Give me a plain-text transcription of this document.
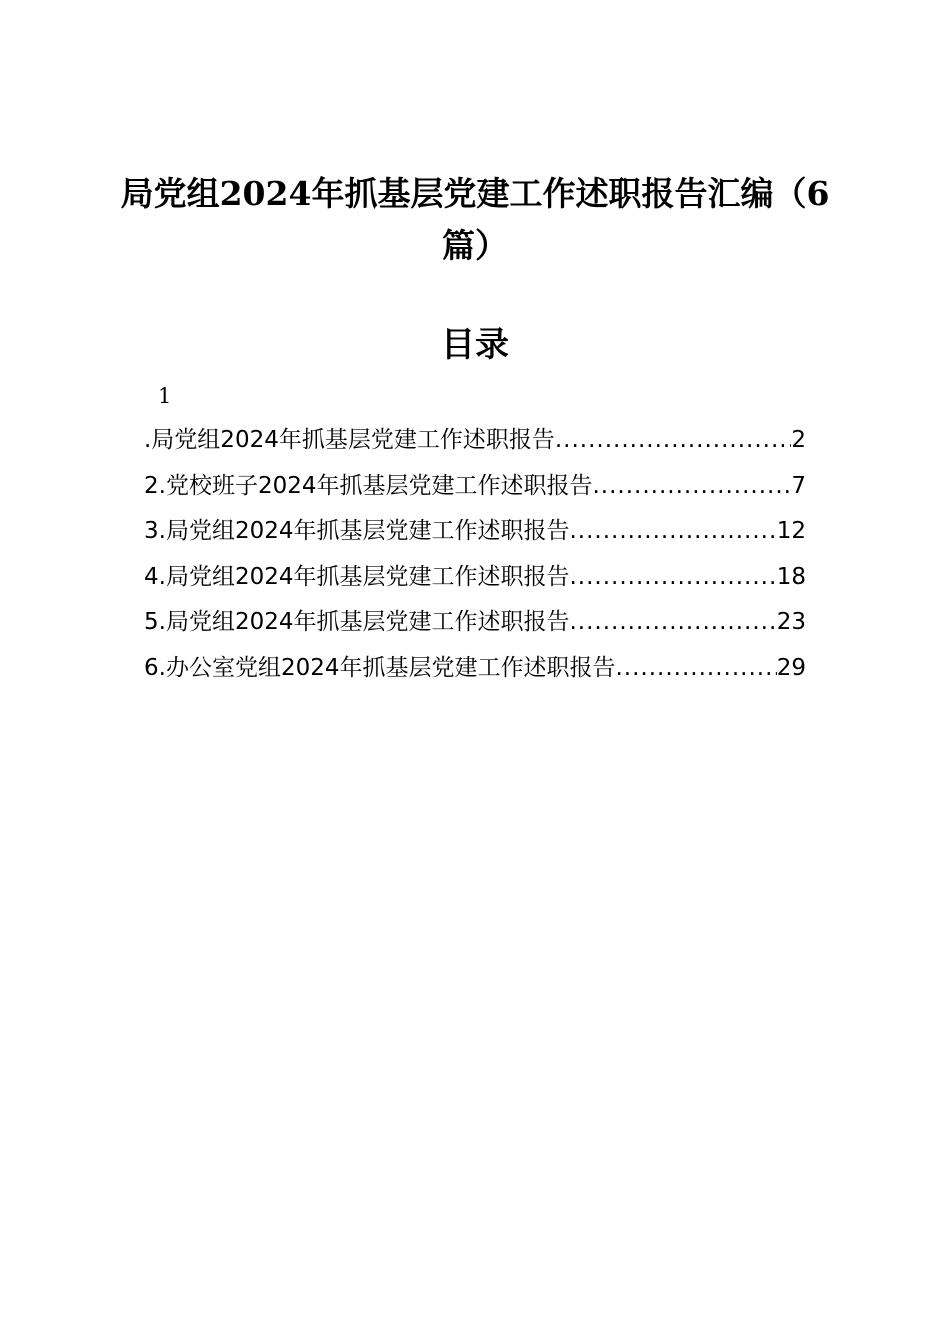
局党组2024年抓基层党建工作述职报告汇编（6篇）
目录
1
.局党组2024年抓基层党建工作述职报告 .....	2
2.党校班子2024年抓基层党建工作述职报告 .....	7
3.局党组2024年抓基层党建工作述职报告 .....	12
4.局党组2024年抓基层党建工作述职报告 .....	18
5.局党组2024年抓基层党建工作述职报告 .....	23
6.办公室党组2024年抓基层党建工作述职报告 .....	29
